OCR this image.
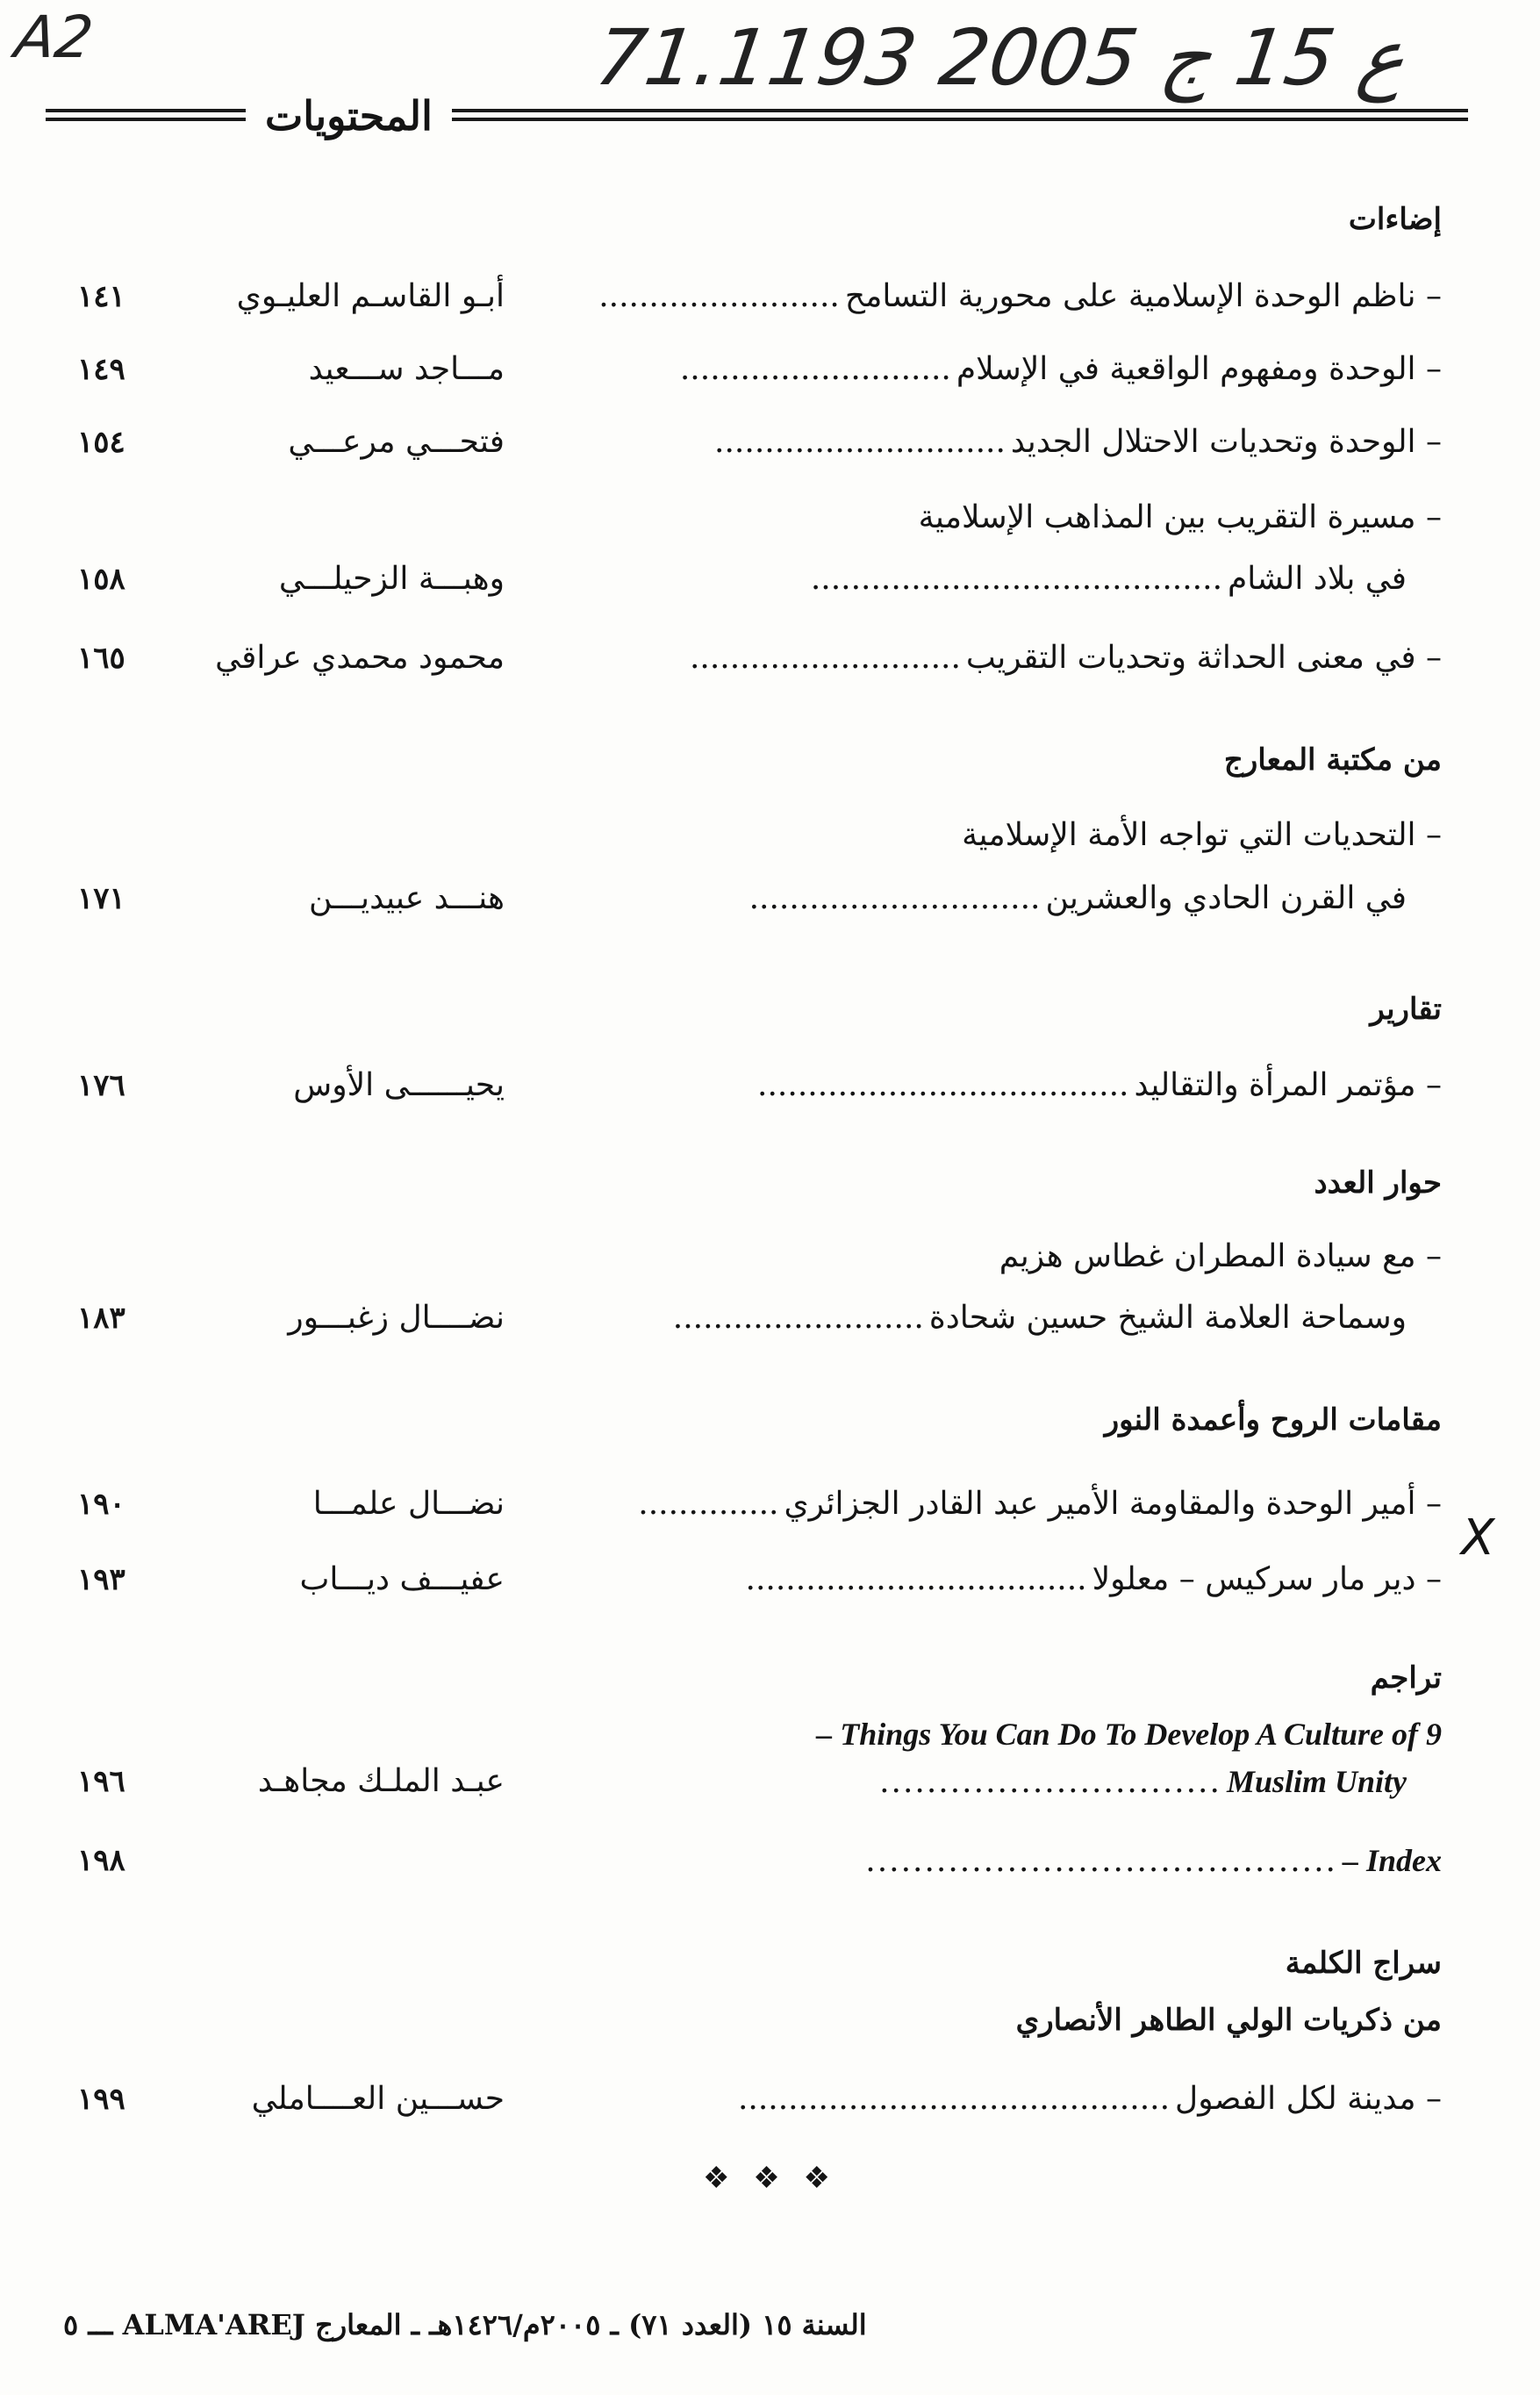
A2	71.ع 15 ج 2005 1193
المحتويات
إضاءات
– ناظم الوحدة الإسلامية على محورية التسامح........................
أبـو القاسـم العليـوي
١٤١
– الوحدة ومفهوم الواقعية في الإسلام...........................
مـــاجد ســـعيد
١٤٩
– الوحدة وتحديات الاحتلال الجديد.............................
فتحـــي مرعـــي
١٥٤
– مسيرة التقريب بين المذاهب الإسلامية
في بلاد الشام.........................................
وهبـــة الزحيلـــي
١٥٨
– في معنى الحداثة وتحديات التقريب...........................
محمود محمدي عراقي
١٦٥
من مكتبة المعارج
– التحديات التي تواجه الأمة الإسلامية
في القرن الحادي والعشرين.............................
هنـــد عبيديـــن
١٧١
تقارير
– مؤتمر المرأة والتقاليد.....................................
يحيــــــى الأوس
١٧٦
حوار العدد
– مع سيادة المطران غطاس هزيم
وسماحة العلامة الشيخ حسين شحادة.........................
نضــــال زغبـــور
١٨٣
مقامات الروح وأعمدة النور
– أمير الوحدة والمقاومة الأمير عبد القادر الجزائري..............
نضـــال علمـــا
١٩٠
– دير مار سركيس – معلولا..................................
عفيـــف ديـــاب
١٩٣
تراجم
9 Things You Can Do To Develop A Culture of –
Muslim Unity.............................
عبـد الملـك مجاهـد
١٩٦
Index –........................................
١٩٨
سراج الكلمة
من ذكريات الولي الطاهر الأنصاري
– مدينة لكل الفصول...........................................
حســـين العــــاملي
١٩٩
X
❖ ❖ ❖
السنة ١٥ (العدد ٧١) ـ ٢٠٠٥م/١٤٢٦هـ ـ المعارج ALMA'AREJ ـــ ٥
